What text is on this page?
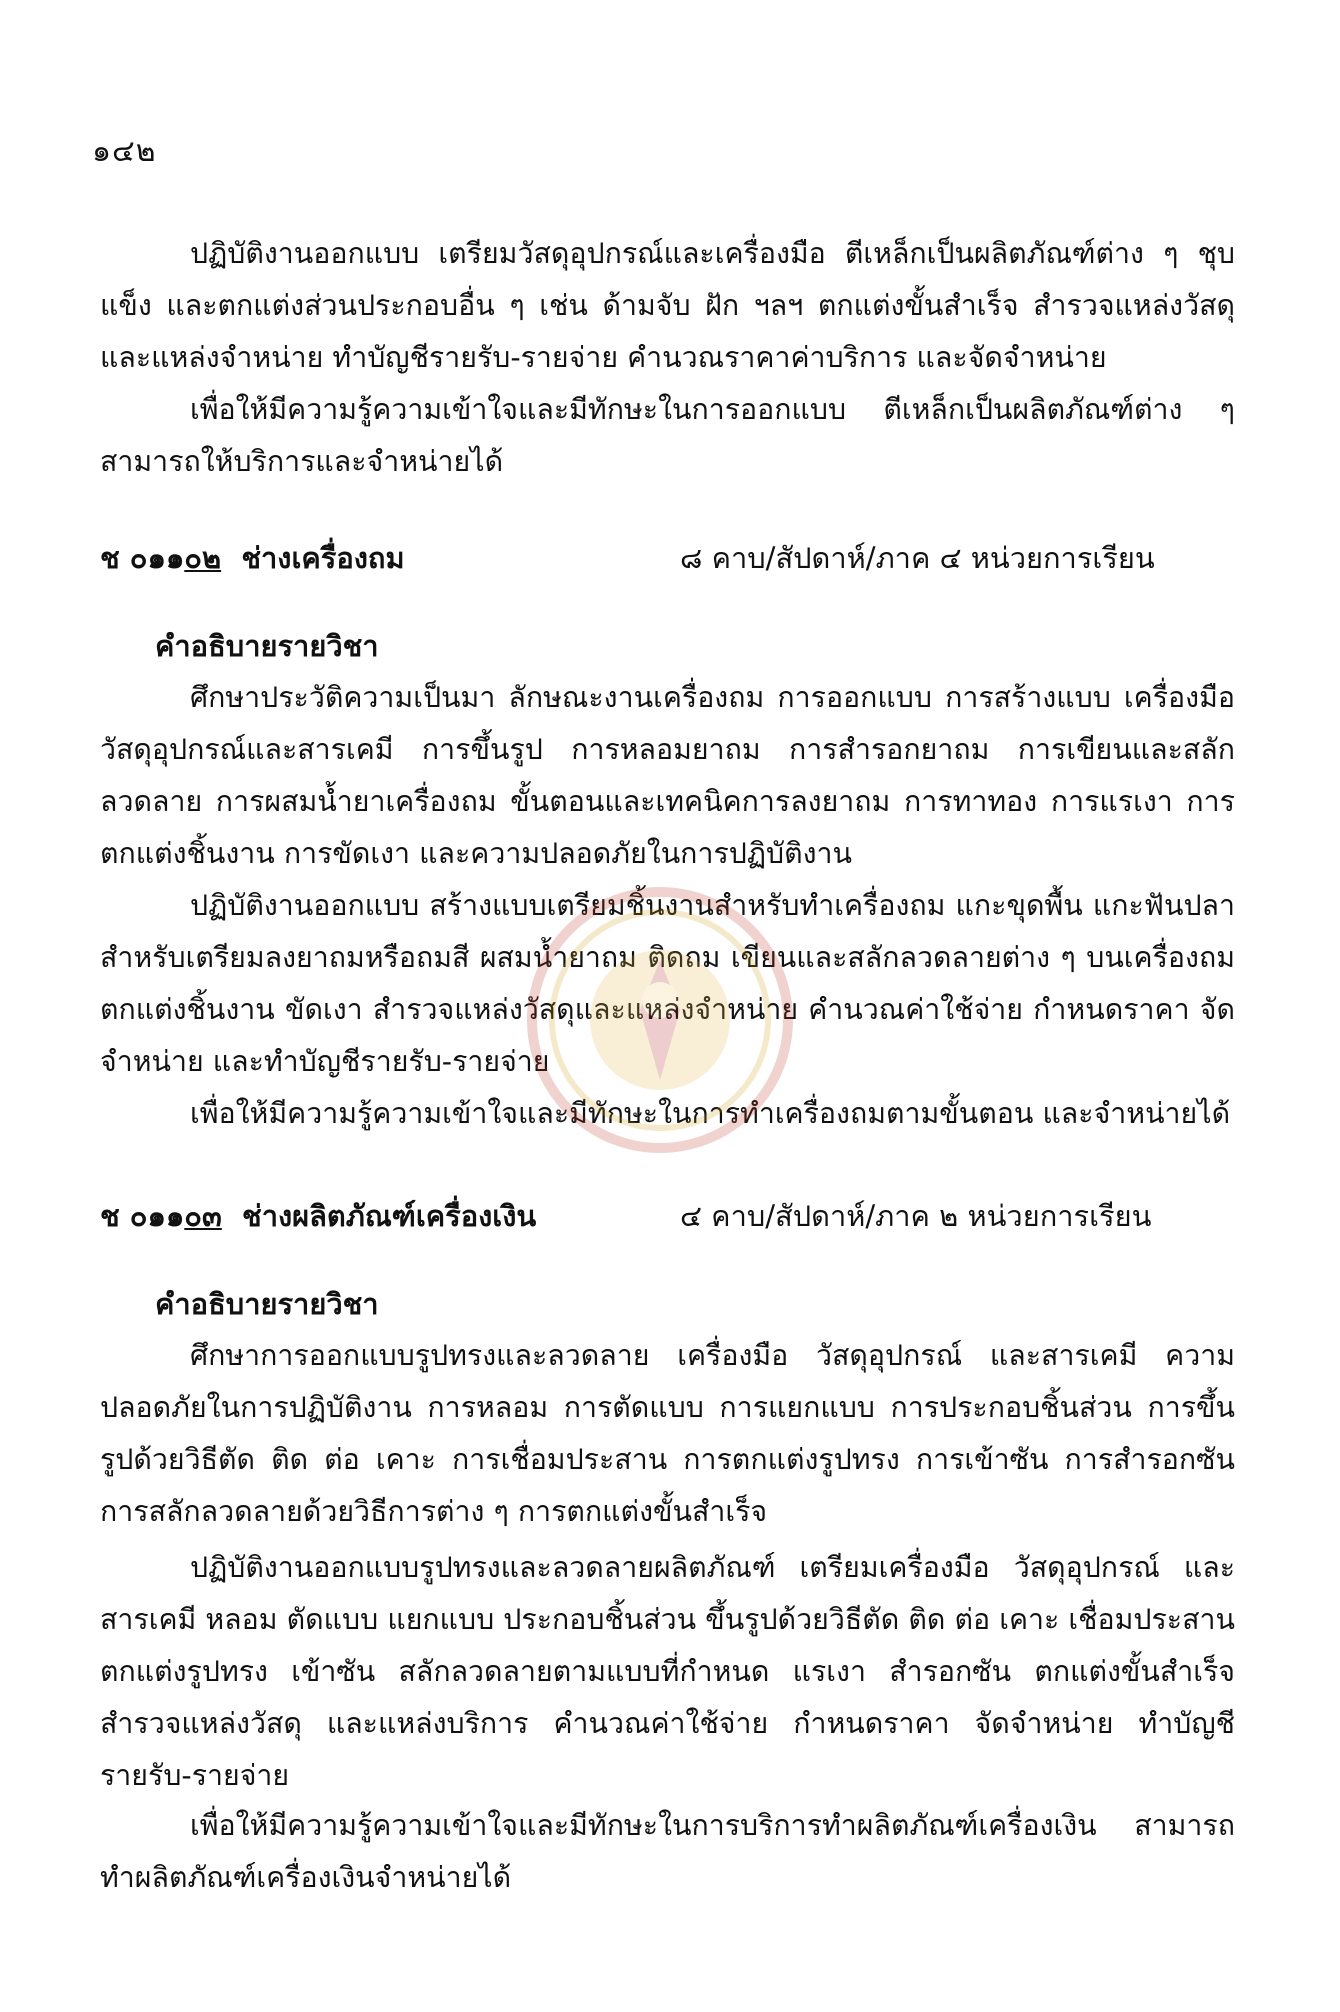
๑๔๒

ปฏิบัติงานออกแบบ เตรียมวัสดุอุปกรณ์และเครื่องมือ ตีเหล็กเป็นผลิตภัณฑ์ต่าง ๆ ชุบแข็ง และตกแต่งส่วนประกอบอื่น ๆ เช่น ด้ามจับ ฝัก ฯลฯ ตกแต่งขั้นสำเร็จ สำรวจแหล่งวัสดุและแหล่งจำหน่าย ทำบัญชีรายรับ-รายจ่าย คำนวณราคาค่าบริการ และจัดจำหน่าย

เพื่อให้มีความรู้ความเข้าใจและมีทักษะในการออกแบบ ตีเหล็กเป็นผลิตภัณฑ์ต่าง ๆ สามารถให้บริการและจำหน่ายได้

ช ๐๑๑๐๒ ช่างเครื่องถม	๘ คาบ/สัปดาห์/ภาค ๔ หน่วยการเรียน

คำอธิบายรายวิชา

ศึกษาประวัติความเป็นมา ลักษณะงานเครื่องถม การออกแบบ การสร้างแบบ เครื่องมือ วัสดุอุปกรณ์และสารเคมี การขึ้นรูป การหลอมยาถม การสำรอกยาถม การเขียนและสลักลวดลาย การผสมน้ำยาเครื่องถม ขั้นตอนและเทคนิคการลงยาถม การทาทอง การแรเงา การตกแต่งชิ้นงาน การขัดเงา และความปลอดภัยในการปฏิบัติงาน

ปฏิบัติงานออกแบบ สร้างแบบเตรียมชิ้นงานสำหรับทำเครื่องถม แกะขุดพื้น แกะฟันปลาสำหรับเตรียมลงยาถมหรือถมสี ผสมน้ำยาถม ติดถม เขียนและสลักลวดลายต่าง ๆ บนเครื่องถม ตกแต่งชิ้นงาน ขัดเงา สำรวจแหล่งวัสดุและแหล่งจำหน่าย คำนวณค่าใช้จ่าย กำหนดราคา จัดจำหน่าย และทำบัญชีรายรับ-รายจ่าย

เพื่อให้มีความรู้ความเข้าใจและมีทักษะในการทำเครื่องถมตามขั้นตอน และจำหน่ายได้

ช ๐๑๑๐๓ ช่างผลิตภัณฑ์เครื่องเงิน	๔ คาบ/สัปดาห์/ภาค ๒ หน่วยการเรียน

คำอธิบายรายวิชา

ศึกษาการออกแบบรูปทรงและลวดลาย เครื่องมือ วัสดุอุปกรณ์ และสารเคมี ความปลอดภัยในการปฏิบัติงาน การหลอม การตัดแบบ การแยกแบบ การประกอบชิ้นส่วน การขึ้นรูปด้วยวิธีตัด ติด ต่อ เคาะ การเชื่อมประสาน การตกแต่งรูปทรง การเข้าซัน การสำรอกซัน การสลักลวดลายด้วยวิธีการต่าง ๆ การตกแต่งขั้นสำเร็จ

ปฏิบัติงานออกแบบรูปทรงและลวดลายผลิตภัณฑ์ เตรียมเครื่องมือ วัสดุอุปกรณ์ และสารเคมี หลอม ตัดแบบ แยกแบบ ประกอบชิ้นส่วน ขึ้นรูปด้วยวิธีตัด ติด ต่อ เคาะ เชื่อมประสาน ตกแต่งรูปทรง เข้าซัน สลักลวดลายตามแบบที่กำหนด แรเงา สำรอกซัน ตกแต่งขั้นสำเร็จ สำรวจแหล่งวัสดุ และแหล่งบริการ คำนวณค่าใช้จ่าย กำหนดราคา จัดจำหน่าย ทำบัญชีรายรับ-รายจ่าย

เพื่อให้มีความรู้ความเข้าใจและมีทักษะในการบริการทำผลิตภัณฑ์เครื่องเงิน สามารถทำผลิตภัณฑ์เครื่องเงินจำหน่ายได้
